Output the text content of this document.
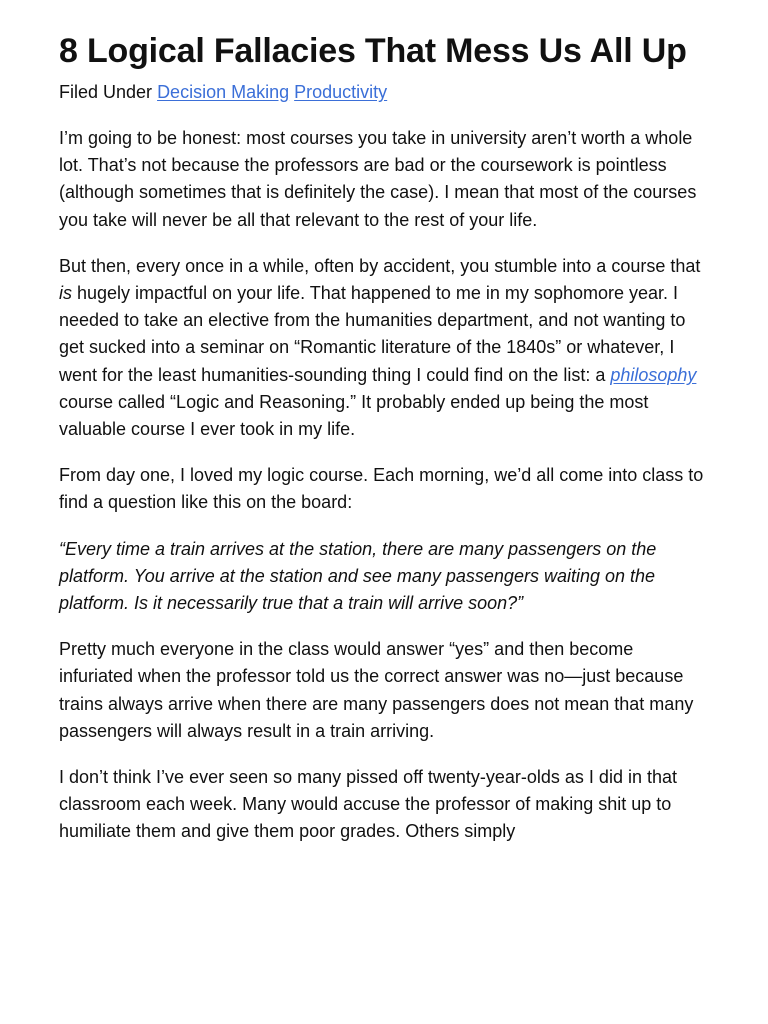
8 Logical Fallacies That Mess Us All Up
Filed Under Decision Making Productivity

I’m going to be honest: most courses you take in university aren’t worth a whole lot. That’s not because the professors are bad or the coursework is pointless (although sometimes that is definitely the case). I mean that most of the courses you take will never be all that relevant to the rest of your life.

But then, every once in a while, often by accident, you stumble into a course that is hugely impactful on your life. That happened to me in my sophomore year. I needed to take an elective from the humanities department, and not wanting to get sucked into a seminar on “Romantic literature of the 1840s” or whatever, I went for the least humanities-sounding thing I could find on the list: a philosophy course called “Logic and Reasoning.” It probably ended up being the most valuable course I ever took in my life.

From day one, I loved my logic course. Each morning, we’d all come into class to find a question like this on the board:

“Every time a train arrives at the station, there are many passengers on the platform. You arrive at the station and see many passengers waiting on the platform. Is it necessarily true that a train will arrive soon?”

Pretty much everyone in the class would answer “yes” and then become infuriated when the professor told us the correct answer was no—just because trains always arrive when there are many passengers does not mean that many passengers will always result in a train arriving.

I don’t think I’ve ever seen so many pissed off twenty-year-olds as I did in that classroom each week. Many would accuse the professor of making shit up to humiliate them and give them poor grades. Others simply
